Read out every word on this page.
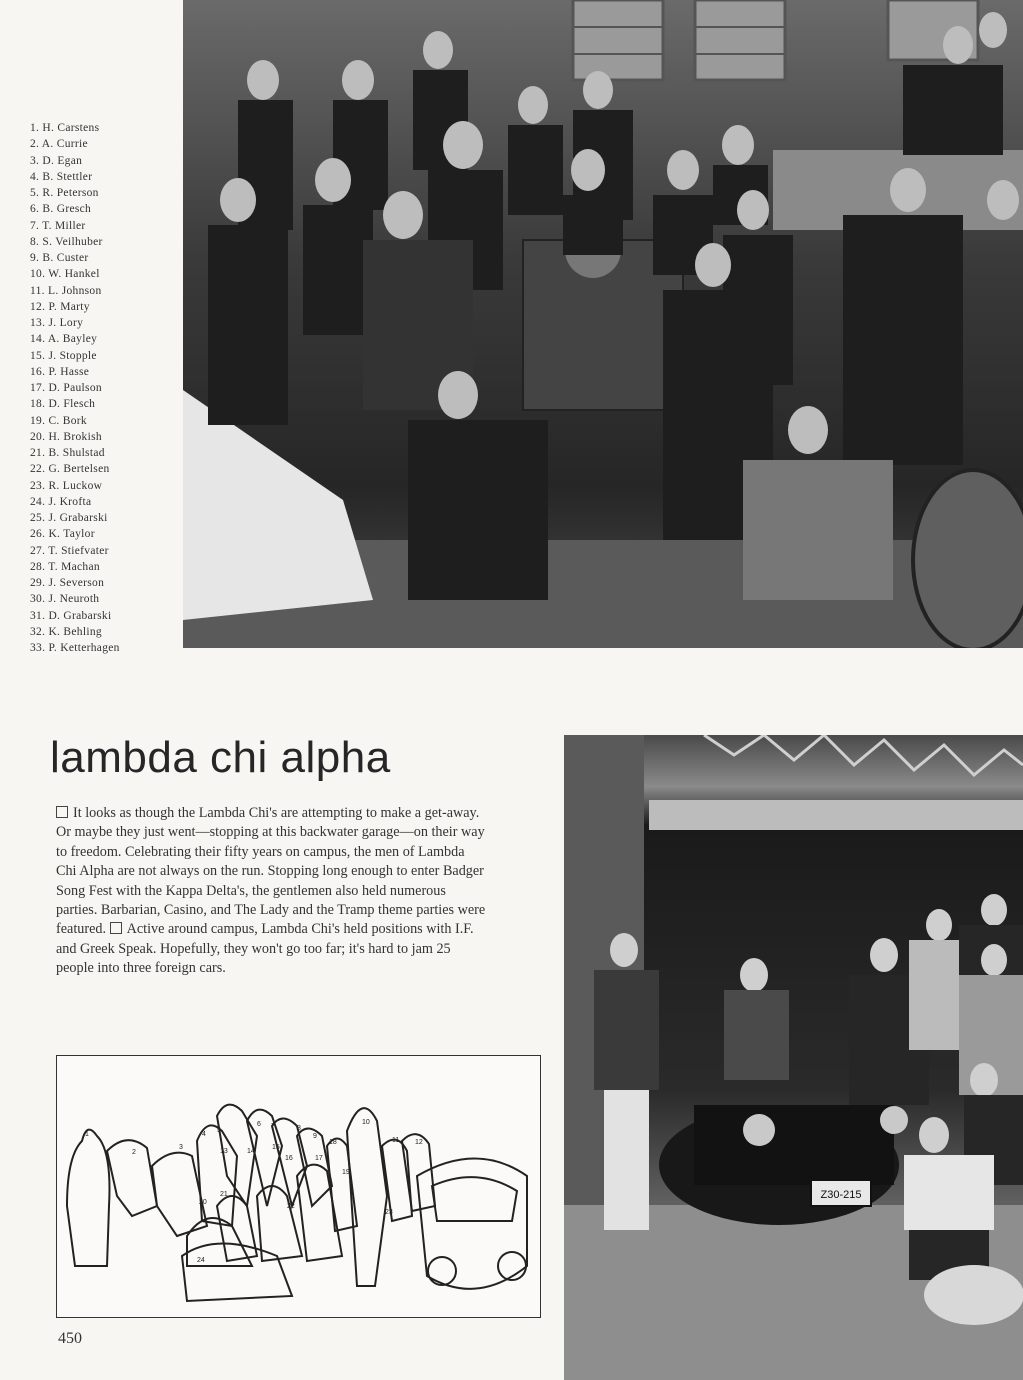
1. H. Carstens
2. A. Currie
3. D. Egan
4. B. Stettler
5. R. Peterson
6. B. Gresch
7. T. Miller
8. S. Veilhuber
9. B. Custer
10. W. Hankel
11. L. Johnson
12. P. Marty
13. J. Lory
14. A. Bayley
15. J. Stopple
16. P. Hasse
17. D. Paulson
18. D. Flesch
19. C. Bork
20. H. Brokish
21. B. Shulstad
22. G. Bertelsen
23. R. Luckow
24. J. Krofta
25. J. Grabarski
26. K. Taylor
27. T. Stiefvater
28. T. Machan
29. J. Severson
30. J. Neuroth
31. D. Grabarski
32. K. Behling
33. P. Ketterhagen
lambda chi alpha

It looks as though the Lambda Chi's are attempting to make a get-away. Or maybe they just went—stopping at this backwater garage—on their way to freedom. Celebrating their fifty years on campus, the men of Lambda Chi Alpha are not always on the run. Stopping long enough to enter Badger Song Fest with the Kappa Delta's, the gentlemen also held numerous parties. Barbarian, Casino, and The Lady and the Tramp theme parties were featured. Active around campus, Lambda Chi's held positions with I.F. and Greek Speak. Hopefully, they won't go too far; it's hard to jam 25 people into three foreign cars.

1
2
3
4
5
6 7	8
9
10
11 12
13	14
15
16	17
18
19
20
21
22
23
24
Z30-215

450
